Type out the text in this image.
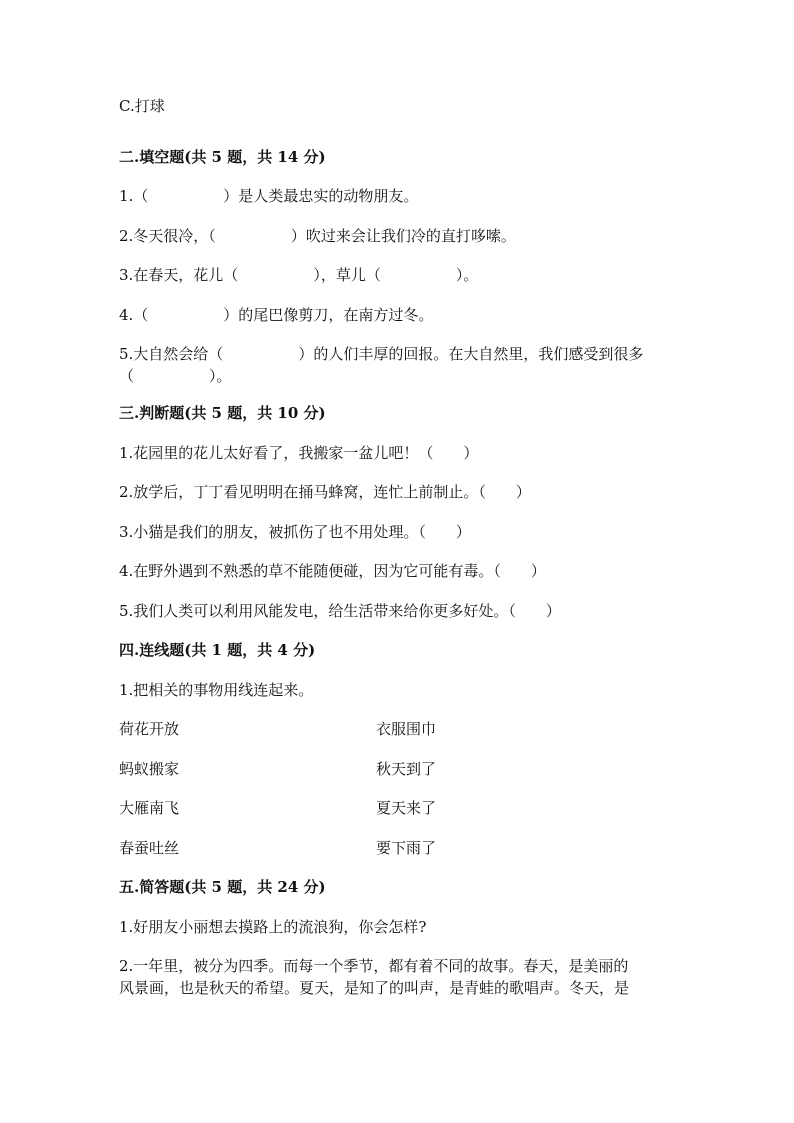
C.打球
二.填空题(共 5 题，共 14 分)
1.（　　　　　）是人类最忠实的动物朋友。
2.冬天很冷，（　　　　　）吹过来会让我们冷的直打哆嗦。
3.在春天，花儿（　　　　　），草儿（　　　　　）。
4.（　　　　　）的尾巴像剪刀，在南方过冬。
5.大自然会给（　　　　　）的人们丰厚的回报。在大自然里，我们感受到很多
（　　　　　）。
三.判断题(共 5 题，共 10 分)
1.花园里的花儿太好看了，我搬家一盆儿吧！（　　）
2.放学后，丁丁看见明明在捅马蜂窝，连忙上前制止。（　　）
3.小猫是我们的朋友，被抓伤了也不用处理。（　　）
4.在野外遇到不熟悉的草不能随便碰，因为它可能有毒。（　　）
5.我们人类可以利用风能发电，给生活带来给你更多好处。（　　）
四.连线题(共 1 题，共 4 分)
1.把相关的事物用线连起来。
荷花开放	衣服围巾
蚂蚁搬家	秋天到了
大雁南飞	夏天来了
春蚕吐丝	要下雨了
五.简答题(共 5 题，共 24 分)
1.好朋友小丽想去摸路上的流浪狗，你会怎样?
2.一年里，被分为四季。而每一个季节，都有着不同的故事。春天，是美丽的
风景画，也是秋天的希望。夏天，是知了的叫声，是青蛙的歌唱声。冬天，是
